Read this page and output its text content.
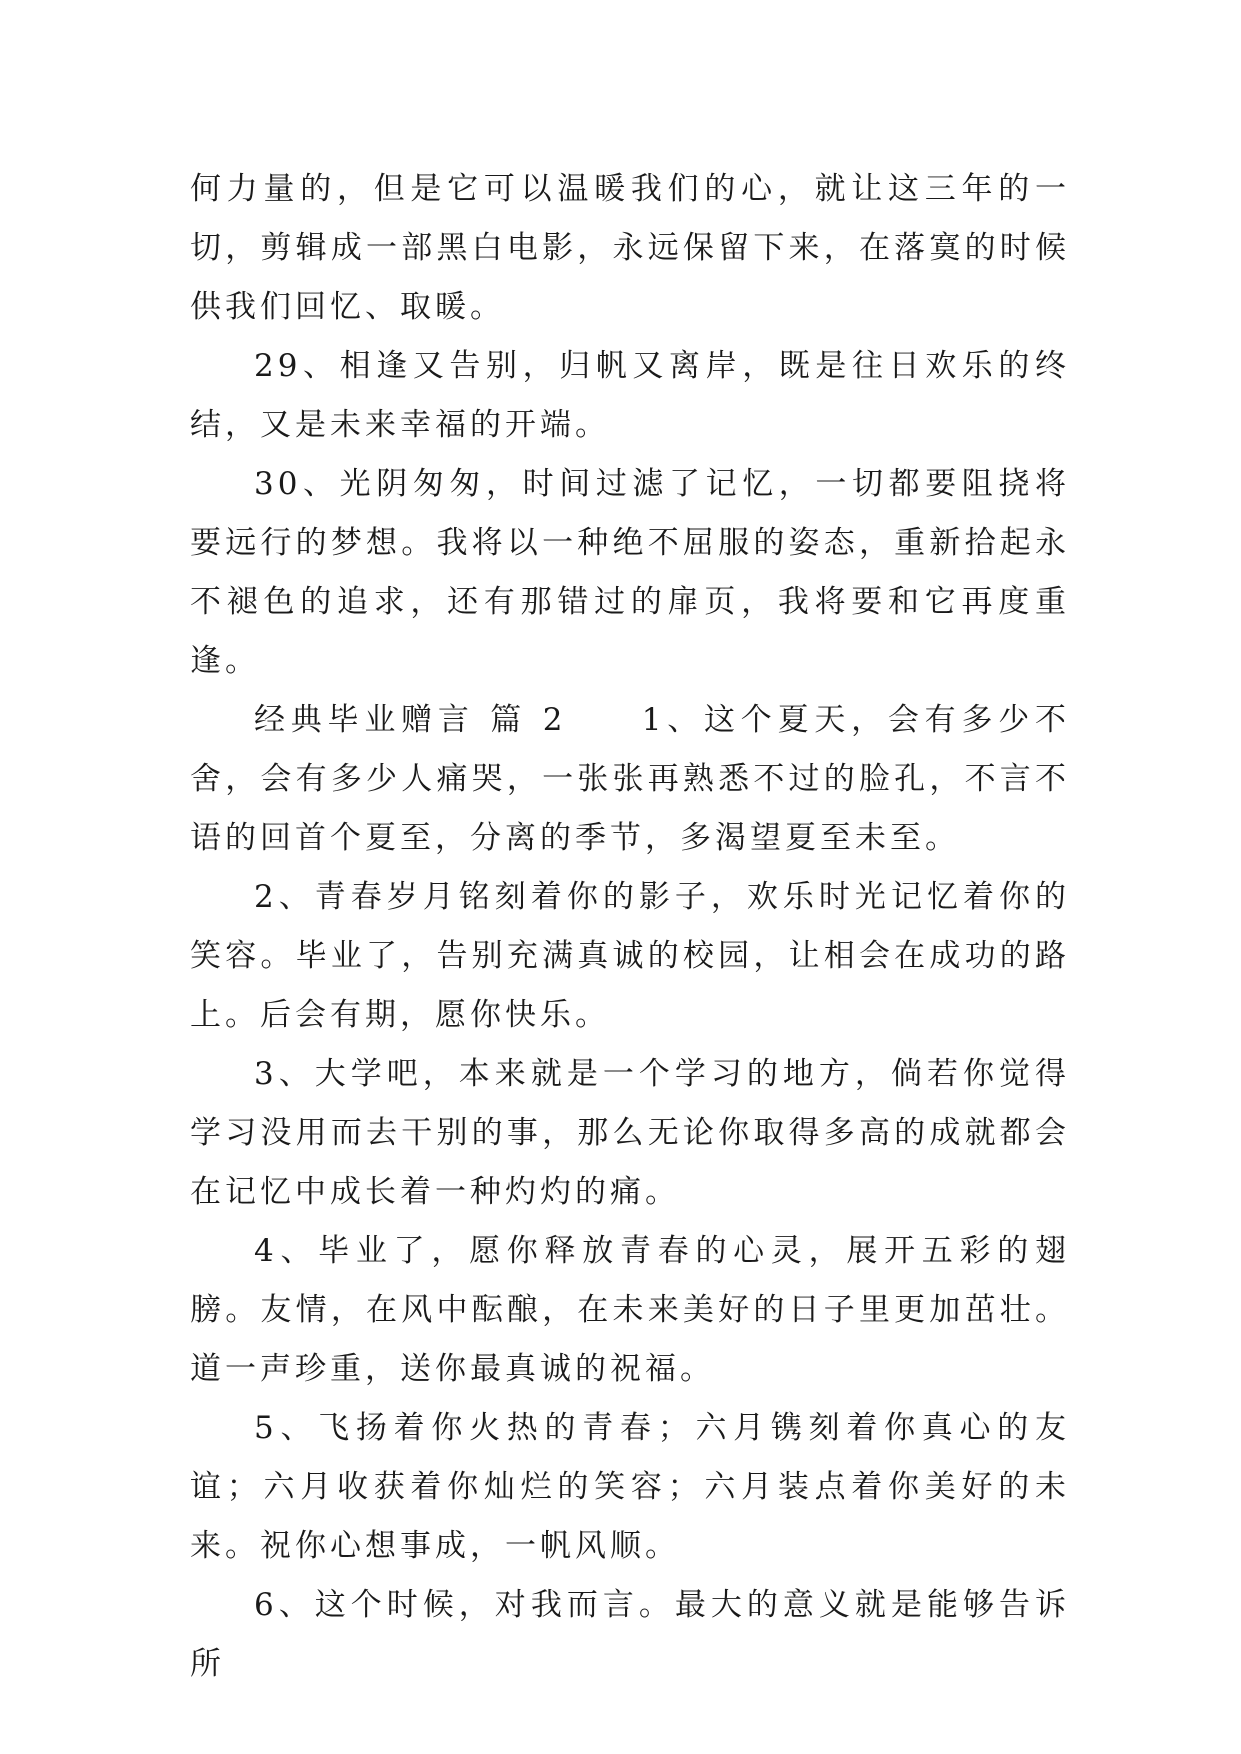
何力量的，但是它可以温暖我们的心，就让这三年的一切，剪辑成一部黑白电影，永远保留下来，在落寞的时候供我们回忆、取暖。

29、相逢又告别，归帆又离岸，既是往日欢乐的终结，又是未来幸福的开端。

30、光阴匆匆，时间过滤了记忆，一切都要阻挠将要远行的梦想。我将以一种绝不屈服的姿态，重新拾起永不褪色的追求，还有那错过的扉页，我将要和它再度重逢。

经典毕业赠言 篇 2　　1、这个夏天，会有多少不舍，会有多少人痛哭，一张张再熟悉不过的脸孔，不言不语的回首个夏至，分离的季节，多渴望夏至未至。

2、青春岁月铭刻着你的影子，欢乐时光记忆着你的笑容。毕业了，告别充满真诚的校园，让相会在成功的路上。后会有期，愿你快乐。

3、大学吧，本来就是一个学习的地方，倘若你觉得学习没用而去干别的事，那么无论你取得多高的成就都会在记忆中成长着一种灼灼的痛。

4、毕业了，愿你释放青春的心灵，展开五彩的翅膀。友情，在风中酝酿，在未来美好的日子里更加茁壮。道一声珍重，送你最真诚的祝福。

5、飞扬着你火热的青春；六月镌刻着你真心的友谊；六月收获着你灿烂的笑容；六月装点着你美好的未来。祝你心想事成，一帆风顺。

6、这个时候，对我而言。最大的意义就是能够告诉所
